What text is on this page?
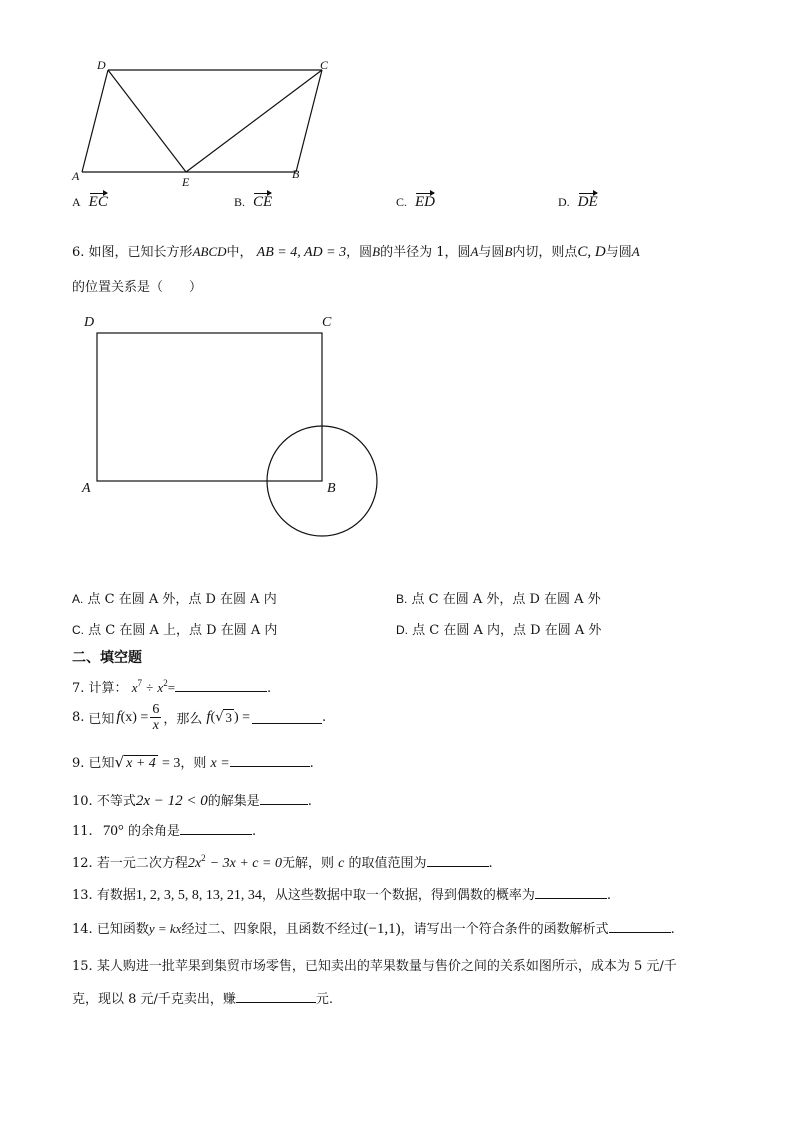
D	C
A	E
B
A EC	B. CE	C. ED	D. DE
6. 如图，已知长方形ABCD中， AB = 4, AD = 3，圆B的半径为 1，圆A与圆B内切，则点C, D与圆A
的位置关系是（　　）
D	C
A	B
A. 点 C 在圆 A 外，点 D 在圆 A 内	B. 点 C 在圆 A 外，点 D 在圆 A 外
C. 点 C 在圆 A 上，点 D 在圆 A 内	D. 点 C 在圆 A 内，点 D 在圆 A 外
二、填空题
7. 计算： $x^7 \div x^2=$	.
8. 已知 f $(x) = \frac{6}{x}$ ，那么 f ( √ 3 ) =	.
9. 已知√ x + 4 = 3，则 x =	.
10. 不等式2x − 12 < 0的解集是	.
11. 70° 的余角是	.
12. 若一元二次方程$2x^2 - 3x + c = 0$无解，则 c 的取值范围为	.
13. 有数据1, 2, 3, 5, 8, 13, 21, 34，从这些数据中取一个数据，得到偶数的概率为	.
14. 已知函数y = kx经过二、四象限，且函数不经过(−1,1)，请写出一个符合条件的函数解析式	.
15. 某人购进一批苹果到集贸市场零售，已知卖出的苹果数量与售价之间的关系如图所示，成本为 5 元/千
克，现以 8 元/千克卖出，赚	元.
